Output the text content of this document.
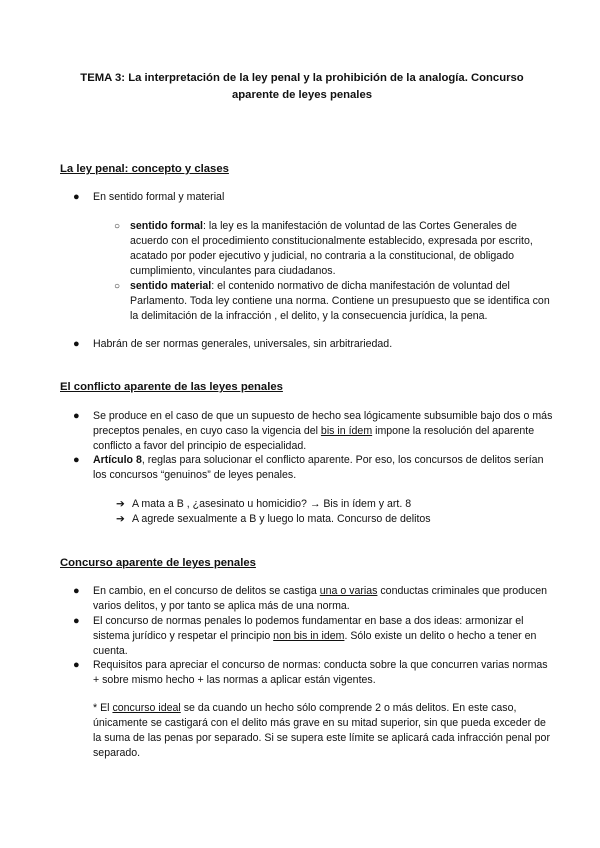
TEMA 3: La interpretación de la ley penal y la prohibición de la analogía. Concurso aparente de leyes penales
La ley penal: concepto y clases
● En sentido formal y material
○ sentido formal: la ley es la manifestación de voluntad de las Cortes Generales de acuerdo con el procedimiento constitucionalmente establecido, expresada por escrito, acatado por poder ejecutivo y judicial, no contraria a la constitucional, de obligado cumplimiento, vinculantes para ciudadanos.
○ sentido material: el contenido normativo de dicha manifestación de voluntad del Parlamento. Toda ley contiene una norma. Contiene un presupuesto que se identifica con la delimitación de la infracción , el delito, y la consecuencia jurídica, la pena.
● Habrán de ser normas generales, universales, sin arbitrariedad.
El conflicto aparente de las leyes penales
● Se produce en el caso de que un supuesto de hecho sea lógicamente subsumible bajo dos o más preceptos penales, en cuyo caso la vigencia del bis in ídem impone la resolución del aparente conflicto a favor del principio de especialidad.
● Artículo 8, reglas para solucionar el conflicto aparente. Por eso, los concursos de delitos serían los concursos “genuinos” de leyes penales.
➔ A mata a B , ¿asesinato u homicidio? → Bis in ídem y art. 8
➔ A agrede sexualmente a B y luego lo mata. Concurso de delitos
Concurso aparente de leyes penales
● En cambio, en el concurso de delitos se castiga una o varias conductas criminales que producen varios delitos, y por tanto se aplica más de una norma.
● El concurso de normas penales lo podemos fundamentar en base a dos ideas: armonizar el sistema jurídico y respetar el principio non bis in idem. Sólo existe un delito o hecho a tener en cuenta.
● Requisitos para apreciar el concurso de normas: conducta sobre la que concurren varias normas + sobre mismo hecho + las normas a aplicar están vigentes.
* El concurso ideal se da cuando un hecho sólo comprende 2 o más delitos. En este caso, únicamente se castigará con el delito más grave en su mitad superior, sin que pueda exceder de la suma de las penas por separado. Si se supera este límite se aplicará cada infracción penal por separado.
